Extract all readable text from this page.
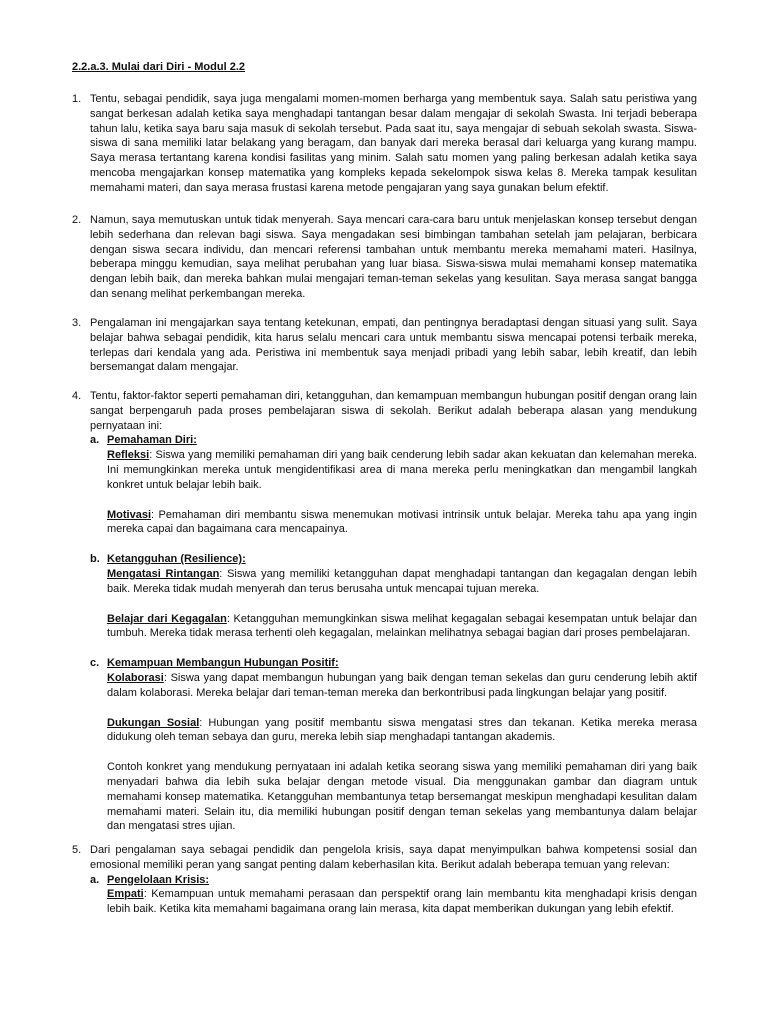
2.2.a.3. Mulai dari Diri - Modul 2.2
1. Tentu, sebagai pendidik, saya juga mengalami momen-momen berharga yang membentuk saya. Salah satu peristiwa yang sangat berkesan adalah ketika saya menghadapi tantangan besar dalam mengajar di sekolah Swasta. Ini terjadi beberapa tahun lalu, ketika saya baru saja masuk di sekolah tersebut. Pada saat itu, saya mengajar di sebuah sekolah swasta. Siswa-siswa di sana memiliki latar belakang yang beragam, dan banyak dari mereka berasal dari keluarga yang kurang mampu. Saya merasa tertantang karena kondisi fasilitas yang minim. Salah satu momen yang paling berkesan adalah ketika saya mencoba mengajarkan konsep matematika yang kompleks kepada sekelompok siswa kelas 8. Mereka tampak kesulitan memahami materi, dan saya merasa frustasi karena metode pengajaran yang saya gunakan belum efektif.
2. Namun, saya memutuskan untuk tidak menyerah. Saya mencari cara-cara baru untuk menjelaskan konsep tersebut dengan lebih sederhana dan relevan bagi siswa. Saya mengadakan sesi bimbingan tambahan setelah jam pelajaran, berbicara dengan siswa secara individu, dan mencari referensi tambahan untuk membantu mereka memahami materi. Hasilnya, beberapa minggu kemudian, saya melihat perubahan yang luar biasa. Siswa-siswa mulai memahami konsep matematika dengan lebih baik, dan mereka bahkan mulai mengajari teman-teman sekelas yang kesulitan. Saya merasa sangat bangga dan senang melihat perkembangan mereka.
3. Pengalaman ini mengajarkan saya tentang ketekunan, empati, dan pentingnya beradaptasi dengan situasi yang sulit. Saya belajar bahwa sebagai pendidik, kita harus selalu mencari cara untuk membantu siswa mencapai potensi terbaik mereka, terlepas dari kendala yang ada. Peristiwa ini membentuk saya menjadi pribadi yang lebih sabar, lebih kreatif, dan lebih bersemangat dalam mengajar.
4. Tentu, faktor-faktor seperti pemahaman diri, ketangguhan, dan kemampuan membangun hubungan positif dengan orang lain sangat berpengaruh pada proses pembelajaran siswa di sekolah. Berikut adalah beberapa alasan yang mendukung pernyataan ini:
a. Pemahaman Diri:
Refleksi: Siswa yang memiliki pemahaman diri yang baik cenderung lebih sadar akan kekuatan dan kelemahan mereka. Ini memungkinkan mereka untuk mengidentifikasi area di mana mereka perlu meningkatkan dan mengambil langkah konkret untuk belajar lebih baik.
Motivasi: Pemahaman diri membantu siswa menemukan motivasi intrinsik untuk belajar. Mereka tahu apa yang ingin mereka capai dan bagaimana cara mencapainya.
b. Ketangguhan (Resilience):
Mengatasi Rintangan: Siswa yang memiliki ketangguhan dapat menghadapi tantangan dan kegagalan dengan lebih baik. Mereka tidak mudah menyerah dan terus berusaha untuk mencapai tujuan mereka.
Belajar dari Kegagalan: Ketangguhan memungkinkan siswa melihat kegagalan sebagai kesempatan untuk belajar dan tumbuh. Mereka tidak merasa terhenti oleh kegagalan, melainkan melihatnya sebagai bagian dari proses pembelajaran.
c. Kemampuan Membangun Hubungan Positif:
Kolaborasi: Siswa yang dapat membangun hubungan yang baik dengan teman sekelas dan guru cenderung lebih aktif dalam kolaborasi. Mereka belajar dari teman-teman mereka dan berkontribusi pada lingkungan belajar yang positif.
Dukungan Sosial: Hubungan yang positif membantu siswa mengatasi stres dan tekanan. Ketika mereka merasa didukung oleh teman sebaya dan guru, mereka lebih siap menghadapi tantangan akademis.
Contoh konkret yang mendukung pernyataan ini adalah ketika seorang siswa yang memiliki pemahaman diri yang baik menyadari bahwa dia lebih suka belajar dengan metode visual. Dia menggunakan gambar dan diagram untuk memahami konsep matematika. Ketangguhan membantunya tetap bersemangat meskipun menghadapi kesulitan dalam memahami materi. Selain itu, dia memiliki hubungan positif dengan teman sekelas yang membantunya dalam belajar dan mengatasi stres ujian.
5. Dari pengalaman saya sebagai pendidik dan pengelola krisis, saya dapat menyimpulkan bahwa kompetensi sosial dan emosional memiliki peran yang sangat penting dalam keberhasilan kita. Berikut adalah beberapa temuan yang relevan:
a. Pengelolaan Krisis:
Empati: Kemampuan untuk memahami perasaan dan perspektif orang lain membantu kita menghadapi krisis dengan lebih baik. Ketika kita memahami bagaimana orang lain merasa, kita dapat memberikan dukungan yang lebih efektif.
